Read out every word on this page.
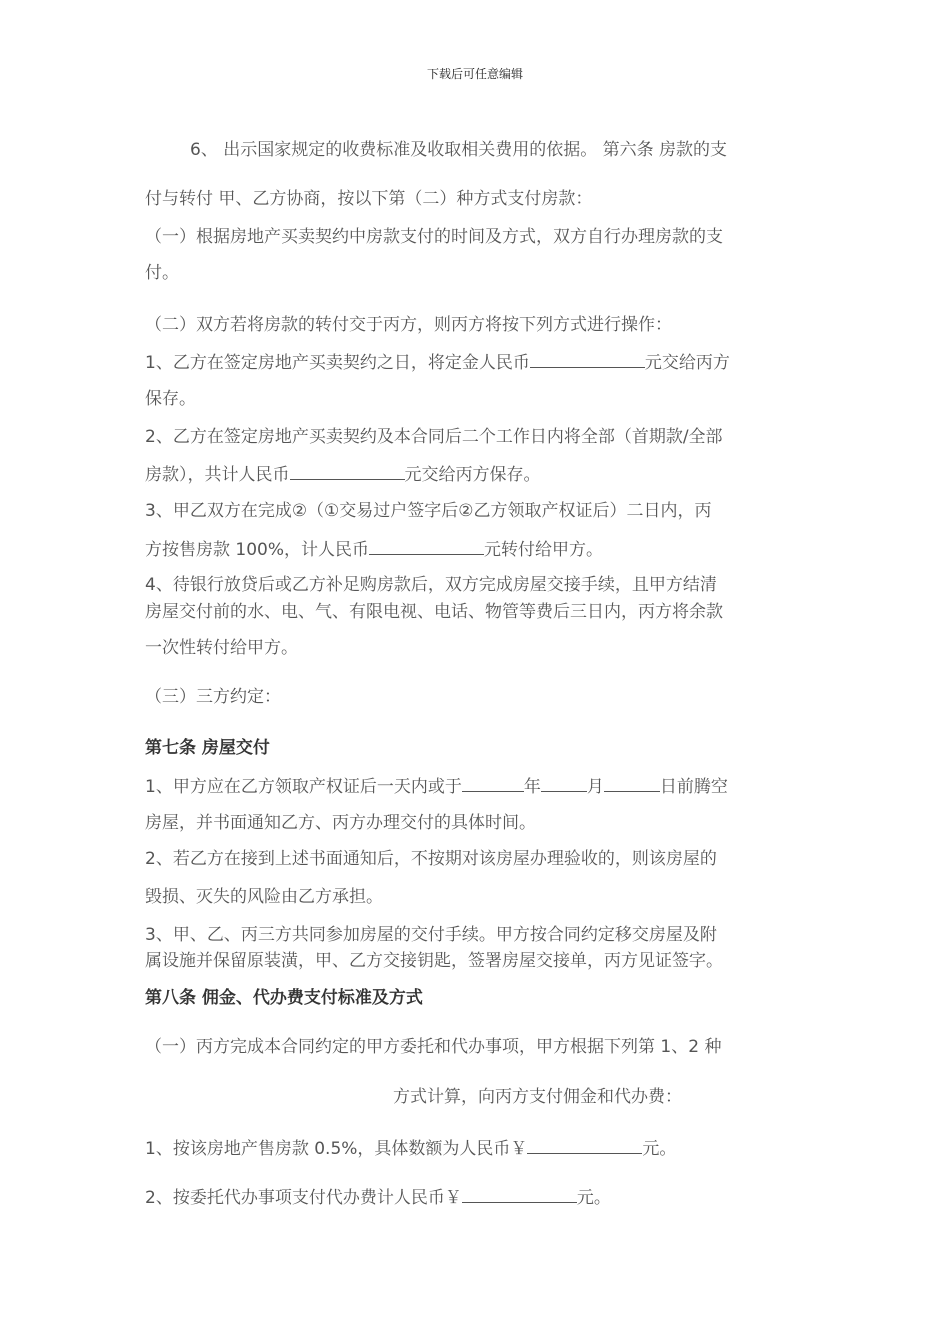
下载后可任意编辑
6、 出示国家规定的收费标准及收取相关费用的依据。 第六条 房款的支
付与转付 甲、乙方协商，按以下第（二）种方式支付房款：
（一）根据房地产买卖契约中房款支付的时间及方式，双方自行办理房款的支
付。
（二）双方若将房款的转付交于丙方，则丙方将按下列方式进行操作：
1、乙方在签定房地产买卖契约之日，将定金人民币	元交给丙方
保存。
2、乙方在签定房地产买卖契约及本合同后二个工作日内将全部（首期款/全部
房款），共计人民币	元交给丙方保存。
3、甲乙双方在完成②（①交易过户签字后②乙方领取产权证后）二日内，丙
方按售房款 100%，计人民币	元转付给甲方。
4、待银行放贷后或乙方补足购房款后，双方完成房屋交接手续，且甲方结清
房屋交付前的水、电、气、有限电视、电话、物管等费后三日内，丙方将余款
一次性转付给甲方。
（三）三方约定：
第七条 房屋交付
1、甲方应在乙方领取产权证后一天内或于	年	月	日前腾空
房屋，并书面通知乙方、丙方办理交付的具体时间。
2、若乙方在接到上述书面通知后，不按期对该房屋办理验收的，则该房屋的
毁损、灭失的风险由乙方承担。
3、甲、乙、丙三方共同参加房屋的交付手续。甲方按合同约定移交房屋及附
属设施并保留原装潢，甲、乙方交接钥匙，签署房屋交接单，丙方见证签字。
第八条 佣金、代办费支付标准及方式
（一）丙方完成本合同约定的甲方委托和代办事项，甲方根据下列第 1、2 种
方式计算，向丙方支付佣金和代办费：
1、按该房地产售房款 0.5%，具体数额为人民币￥	元。
2、按委托代办事项支付代办费计人民币￥	元。
